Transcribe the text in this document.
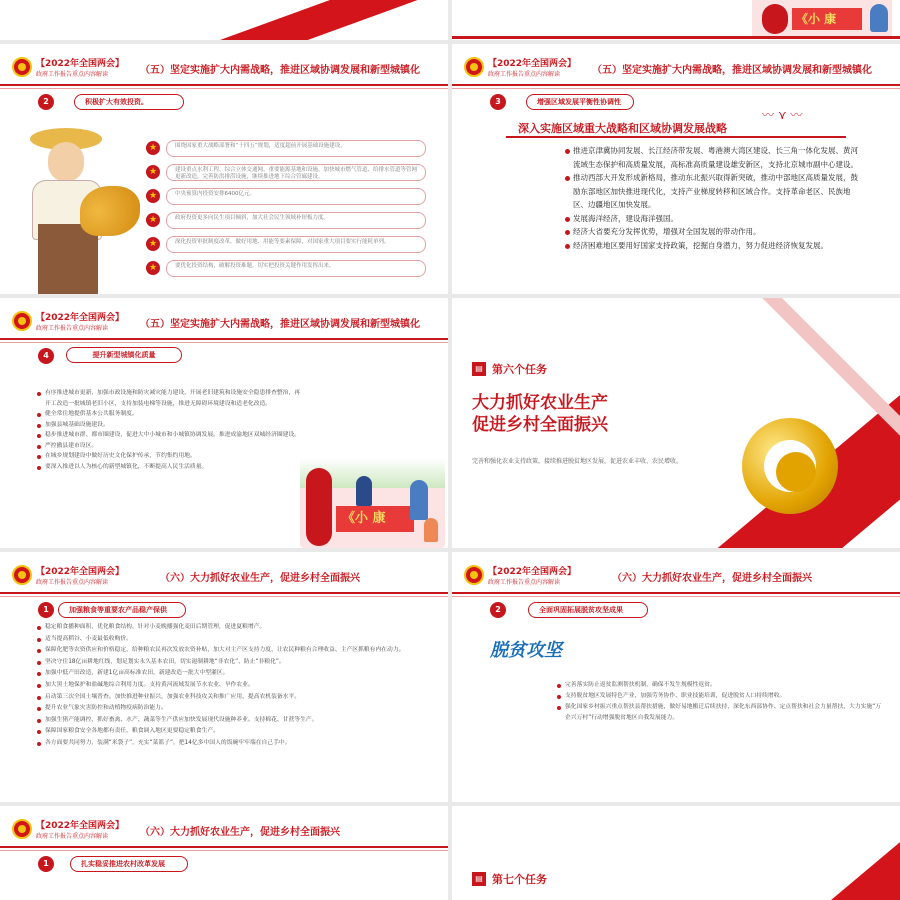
《小 康
【2022年全国两会】
政府工作报告重点内容解读	（五）坚定实施扩大内需战略，推进区域协调发展和新型城镇化
2	积极扩大有效投资。
★	围绕国家重大战略部署和“十四五”规划，适度超前开展基础设施建设。
★	建设重点水利工程、综合立体交通网、重要能源基地和设施，加快城市燃气管道、给排水管道等管网更新改造，完善防洪排涝设施，继续推进地下综合管廊建设。
★	中央预算内投资安排6400亿元。
★	政府投资更多向民生项目倾斜，加大社会民生领域补短板力度。
★	深化投资审批制度改革，做好用地、用能等要素保障，对国家重大项目要实行能耗单列。
★	要优化投资结构，破解投资难题，切实把投资关键作用发挥出来。
【2022年全国两会】
政府工作报告重点内容解读	（五）坚定实施扩大内需战略，推进区域协调发展和新型城镇化
3	增强区域发展平衡性协调性
〰 ⋎ 〰
深入实施区域重大战略和区域协调发展战略
推进京津冀协同发展、长江经济带发展、粤港澳大湾区建设、长三角一体化发展、黄河流域生态保护和高质量发展，高标准高质量建设雄安新区，支持北京城市副中心建设。
推动西部大开发形成新格局，推动东北振兴取得新突破，推动中部地区高质量发展，鼓励东部地区加快推进现代化，支持产业梯度转移和区域合作。支持革命老区、民族地区、边疆地区加快发展。
发展海洋经济，建设海洋强国。
经济大省要充分发挥优势，增强对全国发展的带动作用。
经济困难地区要用好国家支持政策，挖掘自身潜力，努力促进经济恢复发展。
【2022年全国两会】
政府工作报告重点内容解读	（五）坚定实施扩大内需战略，推进区域协调发展和新型城镇化
4	提升新型城镇化质量
有序推进城市更新，加强市政设施和防灾减灾能力建设，开展老旧建筑和设施安全隐患排查整治，再开工改造一批城镇老旧小区，支持加装电梯等设施，推进无障碍环境建设和适老化改造。
健全常住地提供基本公共服务制度。
加强县城基础设施建设。
稳步推进城市群、都市圈建设，促进大中小城市和小城镇协调发展。推进成渝地区双城经济圈建设。
严控撤县建市设区。
在城乡规划建设中做好历史文化保护传承，节约集约用地。
要深入推进以人为核心的新型城镇化，不断提高人民生活质量。
《小 康
▤ 第六个任务
大力抓好农业生产
促进乡村全面振兴
完善和强化农业支持政策，接续推进脱贫地区发展，促进农业丰收、农民增收。
【2022年全国两会】
政府工作报告重点内容解读	（六）大力抓好农业生产，促进乡村全面振兴
1	加强粮食等重要农产品稳产保供
稳定粮食播种面积，优化粮食结构，针对小麦晚播强化麦田后期管理，促进夏粮增产。
适当提高稻谷、小麦最低收购价。
保障化肥等农资供应和价格稳定，给种粮农民再次发放农资补贴，加大对主产区支持力度，让农民种粮有合理收益、主产区抓粮有内在动力。
坚决守住18亿亩耕地红线，划足划实永久基本农田，切实遏制耕地“非农化”、防止“非粮化”。
加强中低产田改造，新建1亿亩高标准农田，新建改造一批大中型灌区。
加大黑土地保护和盐碱地综合利用力度。支持黄河流域发展节水农业、旱作农业。
启动第三次全国土壤普查。加快推进种业振兴，加强农业科技攻关和推广应用，提高农机装备水平。
提升农业气象灾害防控和动植物疫病防治能力。
加强生猪产能调控，抓好畜禽、水产、蔬菜等生产供应加快发展现代设施种养业。支持棉花、甘蔗等生产。
保障国家粮食安全各地都有责任，粮食调入地区更要稳定粮食生产。
各方面要共同努力，装满“米袋子”，充实“菜篮子”，把14亿多中国人的饭碗牢牢端在自己手中。
【2022年全国两会】
政府工作报告重点内容解读	（六）大力抓好农业生产，促进乡村全面振兴
2	全面巩固拓展脱贫攻坚成果
脱贫攻坚
完善落实防止返贫监测帮扶机制，确保不发生规模性返贫。
支持脱贫地区发展特色产业，加强劳务协作、职业技能培训，促进脱贫人口持续增收。
强化国家乡村振兴重点帮扶县帮扶措施，做好易地搬迁后续扶持，深化东西部协作、定点帮扶和社会力量帮扶，大力实施“万企兴万村”行动增强脱贫地区自我发展能力。
【2022年全国两会】
政府工作报告重点内容解读	（六）大力抓好农业生产，促进乡村全面振兴
1	扎实稳妥推进农村改革发展
▤ 第七个任务
